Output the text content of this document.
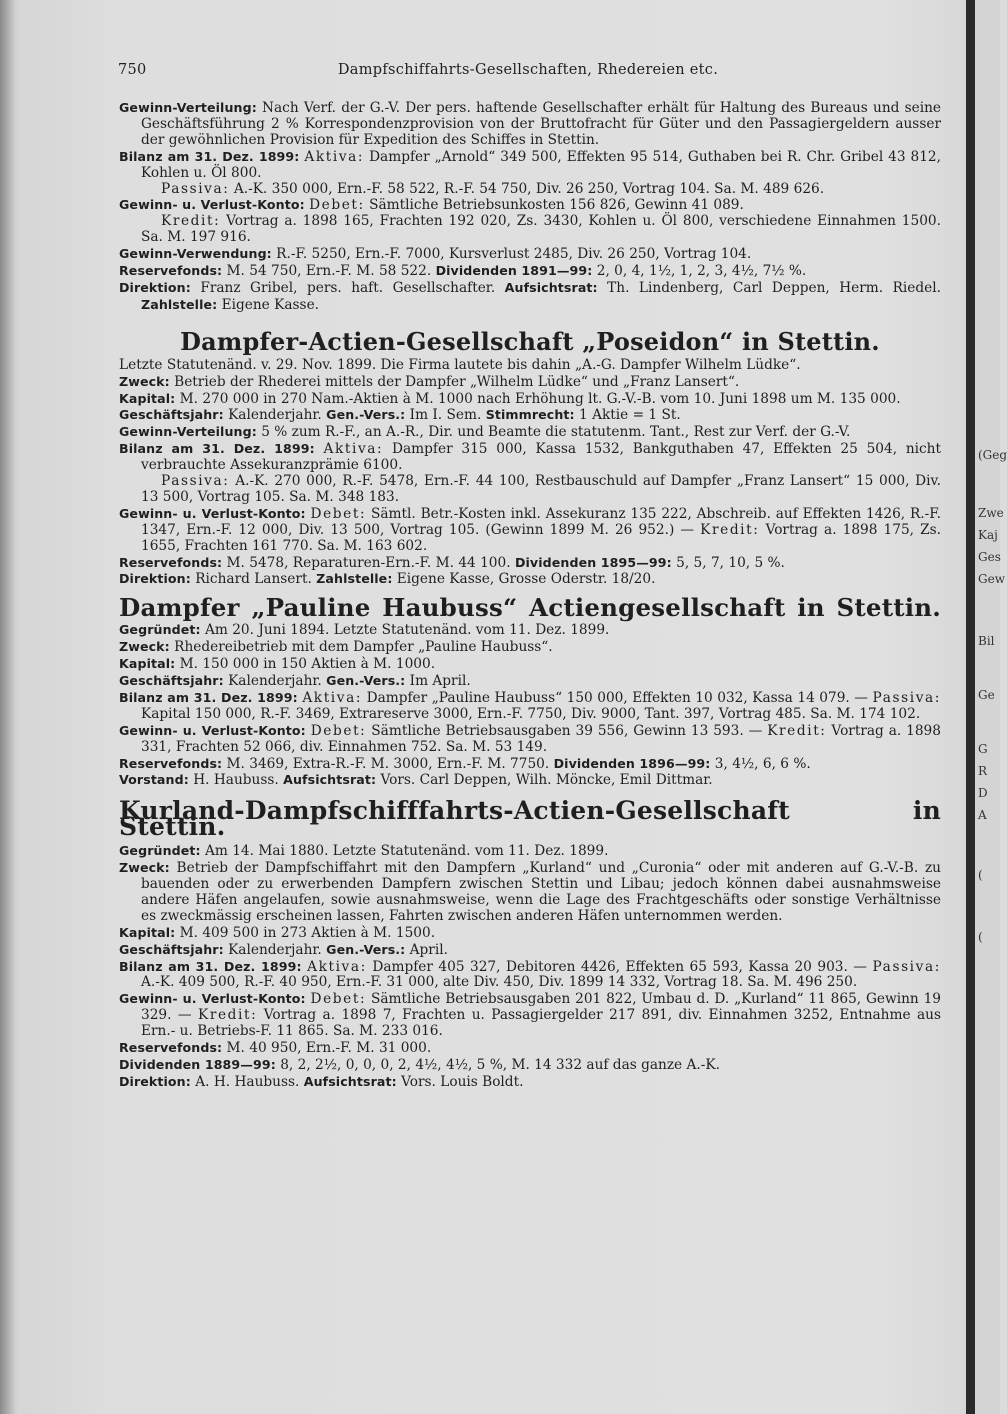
(Geg
Zwe
Kaj
Ges
Gew
Bil
Ge
G
R
D
A
(
(
750	Dampfschiffahrts-Gesellschaften, Rhedereien etc.

Gewinn-Verteilung: Nach Verf. der G.-V. Der pers. haftende Gesellschafter erhält für Haltung des Bureaus und seine Geschäftsführung 2 % Korrespondenzprovision von der Bruttofracht für Güter und den Passagiergeldern ausser der gewöhnlichen Provision für Expedition des Schiffes in Stettin.

Bilanz am 31. Dez. 1899: Aktiva: Dampfer „Arnold“ 349 500, Effekten 95 514, Guthaben bei R. Chr. Gribel 43 812, Kohlen u. Öl 800.

Passiva: A.-K. 350 000, Ern.-F. 58 522, R.-F. 54 750, Div. 26 250, Vortrag 104. Sa. M. 489 626.

Gewinn- u. Verlust-Konto: Debet: Sämtliche Betriebsunkosten 156 826, Gewinn 41 089.

Kredit: Vortrag a. 1898 165, Frachten 192 020, Zs. 3430, Kohlen u. Öl 800, verschiedene Einnahmen 1500. Sa. M. 197 916.

Gewinn-Verwendung: R.-F. 5250, Ern.-F. 7000, Kursverlust 2485, Div. 26 250, Vortrag 104.

Reservefonds: M. 54 750, Ern.-F. M. 58 522. Dividenden 1891—99: 2, 0, 4, 1½, 1, 2, 3, 4½, 7½ %.

Direktion: Franz Gribel, pers. haft. Gesellschafter. Aufsichtsrat: Th. Lindenberg, Carl Deppen, Herm. Riedel. Zahlstelle: Eigene Kasse.

Dampfer-Actien-Gesellschaft „Poseidon“ in Stettin.

Letzte Statutenänd. v. 29. Nov. 1899. Die Firma lautete bis dahin „A.-G. Dampfer Wilhelm Lüdke“.

Zweck: Betrieb der Rhederei mittels der Dampfer „Wilhelm Lüdke“ und „Franz Lansert“.

Kapital: M. 270 000 in 270 Nam.-Aktien à M. 1000 nach Erhöhung lt. G.-V.-B. vom 10. Juni 1898 um M. 135 000.

Geschäftsjahr: Kalenderjahr. Gen.-Vers.: Im I. Sem. Stimmrecht: 1 Aktie = 1 St.

Gewinn-Verteilung: 5 % zum R.-F., an A.-R., Dir. und Beamte die statutenm. Tant., Rest zur Verf. der G.-V.

Bilanz am 31. Dez. 1899: Aktiva: Dampfer 315 000, Kassa 1532, Bankguthaben 47, Effekten 25 504, nicht verbrauchte Assekuranzprämie 6100.

Passiva: A.-K. 270 000, R.-F. 5478, Ern.-F. 44 100, Restbauschuld auf Dampfer „Franz Lansert“ 15 000, Div. 13 500, Vortrag 105. Sa. M. 348 183.

Gewinn- u. Verlust-Konto: Debet: Sämtl. Betr.-Kosten inkl. Assekuranz 135 222, Abschreib. auf Effekten 1426, R.-F. 1347, Ern.-F. 12 000, Div. 13 500, Vortrag 105. (Gewinn 1899 M. 26 952.) — Kredit: Vortrag a. 1898 175, Zs. 1655, Frachten 161 770. Sa. M. 163 602.

Reservefonds: M. 5478, Reparaturen-Ern.-F. M. 44 100. Dividenden 1895—99: 5, 5, 7, 10, 5 %.

Direktion: Richard Lansert. Zahlstelle: Eigene Kasse, Grosse Oderstr. 18/20.

Dampfer „Pauline Haubuss“ Actiengesellschaft in Stettin.

Gegründet: Am 20. Juni 1894. Letzte Statutenänd. vom 11. Dez. 1899.

Zweck: Rhedereibetrieb mit dem Dampfer „Pauline Haubuss“.

Kapital: M. 150 000 in 150 Aktien à M. 1000.

Geschäftsjahr: Kalenderjahr. Gen.-Vers.: Im April.

Bilanz am 31. Dez. 1899: Aktiva: Dampfer „Pauline Haubuss“ 150 000, Effekten 10 032, Kassa 14 079. — Passiva: Kapital 150 000, R.-F. 3469, Extrareserve 3000, Ern.-F. 7750, Div. 9000, Tant. 397, Vortrag 485. Sa. M. 174 102.

Gewinn- u. Verlust-Konto: Debet: Sämtliche Betriebsausgaben 39 556, Gewinn 13 593. — Kredit: Vortrag a. 1898 331, Frachten 52 066, div. Einnahmen 752. Sa. M. 53 149.

Reservefonds: M. 3469, Extra-R.-F. M. 3000, Ern.-F. M. 7750. Dividenden 1896—99: 3, 4½, 6, 6 %.

Vorstand: H. Haubuss. Aufsichtsrat: Vors. Carl Deppen, Wilh. Möncke, Emil Dittmar.

Kurland-Dampfschifffahrts-Actien-Gesellschaft in Stettin.

Gegründet: Am 14. Mai 1880. Letzte Statutenänd. vom 11. Dez. 1899.

Zweck: Betrieb der Dampfschiffahrt mit den Dampfern „Kurland“ und „Curonia“ oder mit anderen auf G.-V.-B. zu bauenden oder zu erwerbenden Dampfern zwischen Stettin und Libau; jedoch können dabei ausnahmsweise andere Häfen angelaufen, sowie ausnahmsweise, wenn die Lage des Frachtgeschäfts oder sonstige Verhältnisse es zweckmässig erscheinen lassen, Fahrten zwischen anderen Häfen unternommen werden.

Kapital: M. 409 500 in 273 Aktien à M. 1500.

Geschäftsjahr: Kalenderjahr. Gen.-Vers.: April.

Bilanz am 31. Dez. 1899: Aktiva: Dampfer 405 327, Debitoren 4426, Effekten 65 593, Kassa 20 903. — Passiva: A.-K. 409 500, R.-F. 40 950, Ern.-F. 31 000, alte Div. 450, Div. 1899 14 332, Vortrag 18. Sa. M. 496 250.

Gewinn- u. Verlust-Konto: Debet: Sämtliche Betriebsausgaben 201 822, Umbau d. D. „Kurland“ 11 865, Gewinn 19 329. — Kredit: Vortrag a. 1898 7, Frachten u. Passagiergelder 217 891, div. Einnahmen 3252, Entnahme aus Ern.- u. Betriebs-F. 11 865. Sa. M. 233 016.

Reservefonds: M. 40 950, Ern.-F. M. 31 000.

Dividenden 1889—99: 8, 2, 2½, 0, 0, 0, 2, 4½, 4½, 5 %, M. 14 332 auf das ganze A.-K.

Direktion: A. H. Haubuss. Aufsichtsrat: Vors. Louis Boldt.
